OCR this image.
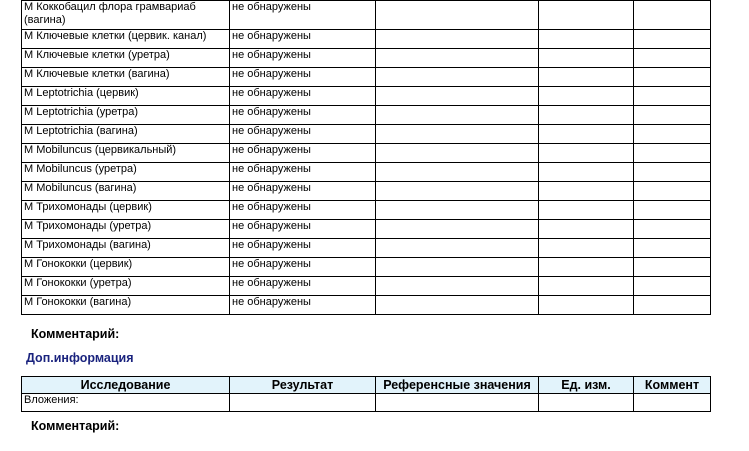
М Коккобацил флора грамвариаб (вагина)	не обнаружены			
М Ключевые клетки (цервик. канал)	не обнаружены			
М Ключевые клетки (уретра)	не обнаружены			
М Ключевые клетки (вагина)	не обнаружены			
М Leptotrichia (цервик)	не обнаружены			
М Leptotrichia (уретра)	не обнаружены			
М Leptotrichia (вагина)	не обнаружены			
М Mobiluncus (цервикальный)	не обнаружены			
М Mobiluncus (уретра)	не обнаружены			
М Mobiluncus (вагина)	не обнаружены			
М Трихомонады (цервик)	не обнаружены			
М Трихомонады (уретра)	не обнаружены			
М Трихомонады (вагина)	не обнаружены			
М Гонококки (цервик)	не обнаружены			
М Гонококки (уретра)	не обнаружены			
М Гонококки (вагина)	не обнаружены			
Комментарий:
Доп.информация
Исследование	Результат	Референсные значения	Ед. изм.	Коммент
Вложения:				
Комментарий:
